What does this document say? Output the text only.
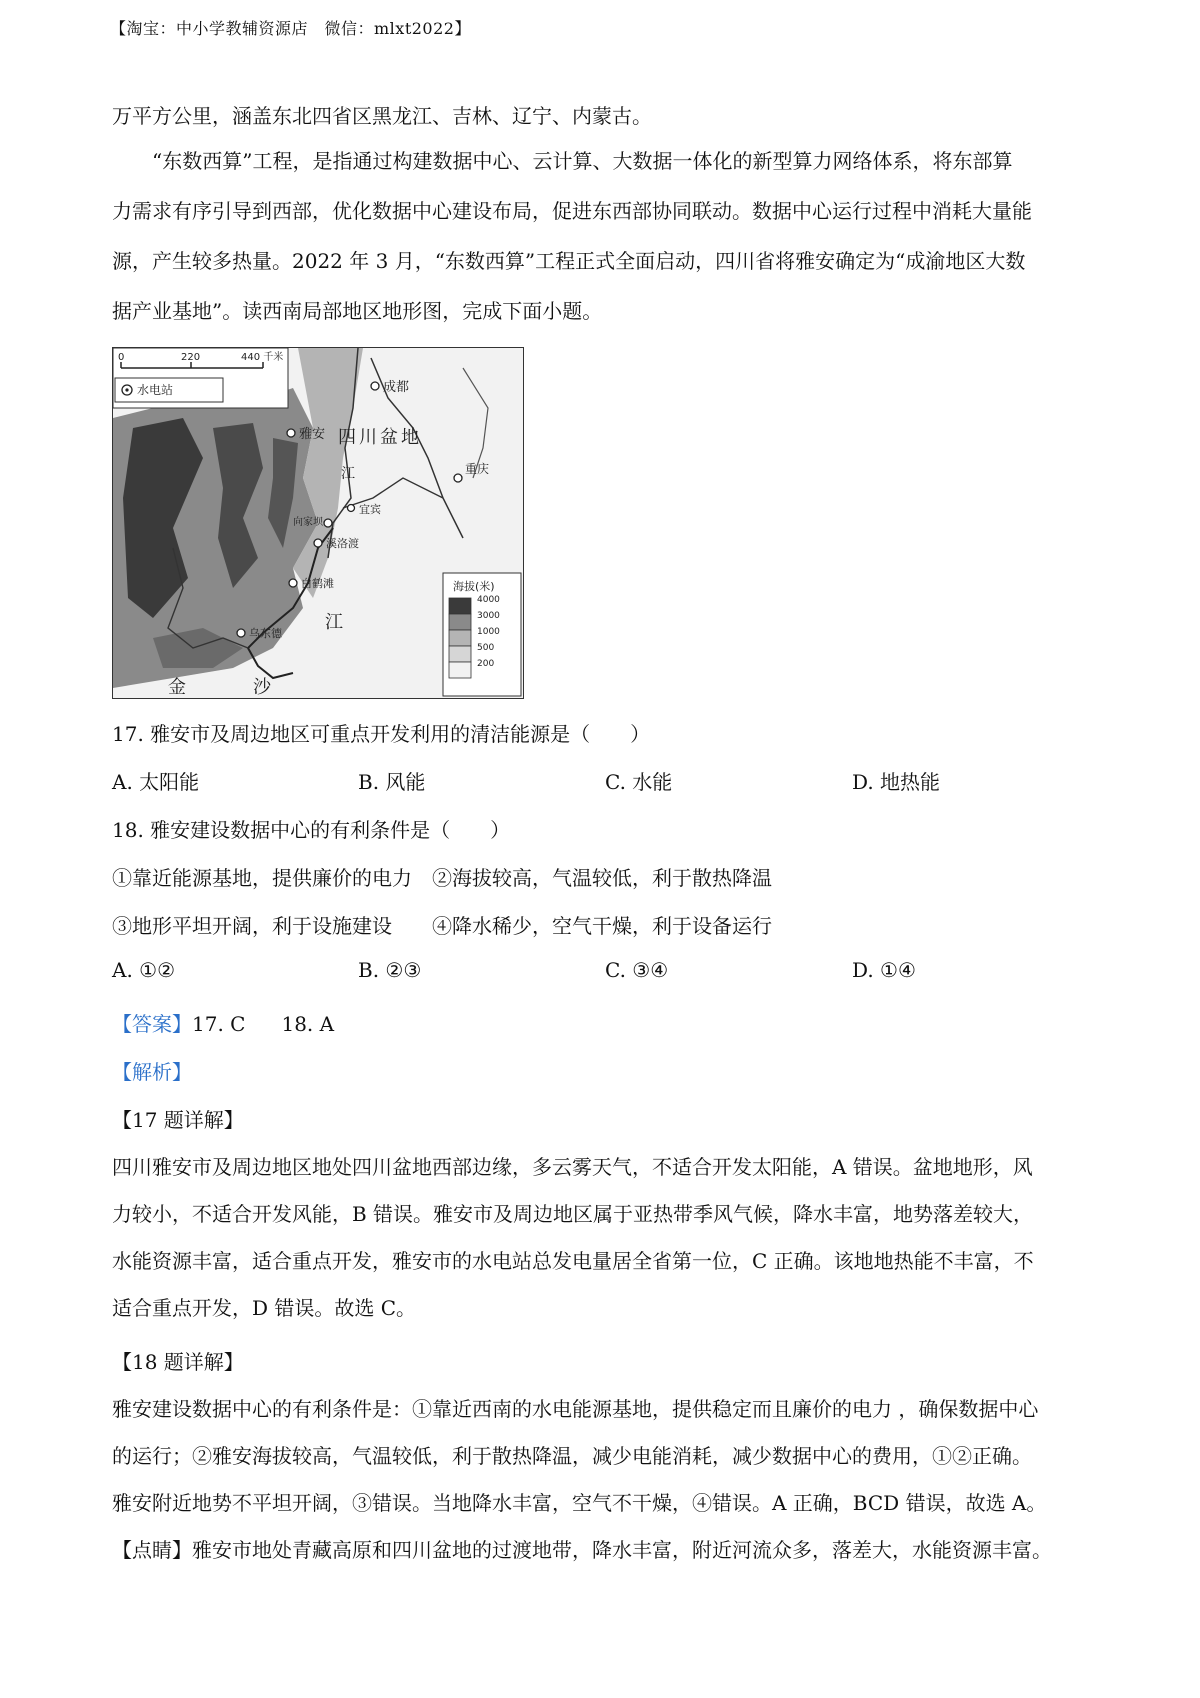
【淘宝：中小学教辅资源店　微信：mlxt2022】
万平方公里，涵盖东北四省区黑龙江、吉林、辽宁、内蒙古。
“东数西算”工程，是指通过构建数据中心、云计算、大数据一体化的新型算力网络体系，将东部算
力需求有序引导到西部，优化数据中心建设布局，促进东西部协同联动。数据中心运行过程中消耗大量能
源，产生较多热量。2022 年 3 月，“东数西算”工程正式全面启动，四川省将雅安确定为“成渝地区大数
据产业基地”。读西南局部地区地形图，完成下面小题。
0	220	440 千米
水电站	成都
雅安 四川盆地
重庆
宜宾
溪洛渡
向家坝
白鹤滩
乌东德
江
江
金	沙
海拔(米)
4000
3000
1000
500
200
17. 雅安市及周边地区可重点开发利用的清洁能源是（　　）
A. 太阳能	B. 风能	C. 水能	D. 地热能
18. 雅安建设数据中心的有利条件是（　　）
①靠近能源基地，提供廉价的电力　②海拔较高，气温较低，利于散热降温
③地形平坦开阔，利于设施建设　　④降水稀少，空气干燥，利于设备运行
A. ①②	B. ②③	C. ③④	D. ①④
【答案】17. C 18. A
【解析】
【17 题详解】
四川雅安市及周边地区地处四川盆地西部边缘，多云雾天气，不适合开发太阳能，A 错误。盆地地形，风
力较小，不适合开发风能，B 错误。雅安市及周边地区属于亚热带季风气候，降水丰富，地势落差较大，
水能资源丰富，适合重点开发，雅安市的水电站总发电量居全省第一位，C 正确。该地地热能不丰富，不
适合重点开发，D 错误。故选 C。
【18 题详解】
雅安建设数据中心的有利条件是：①靠近西南的水电能源基地，提供稳定而且廉价的电力 ，确保数据中心
的运行；②雅安海拔较高，气温较低，利于散热降温，减少电能消耗，减少数据中心的费用，①②正确。
雅安附近地势不平坦开阔，③错误。当地降水丰富，空气不干燥，④错误。A 正确，BCD 错误，故选 A。
【点睛】雅安市地处青藏高原和四川盆地的过渡地带，降水丰富，附近河流众多，落差大，水能资源丰富。
